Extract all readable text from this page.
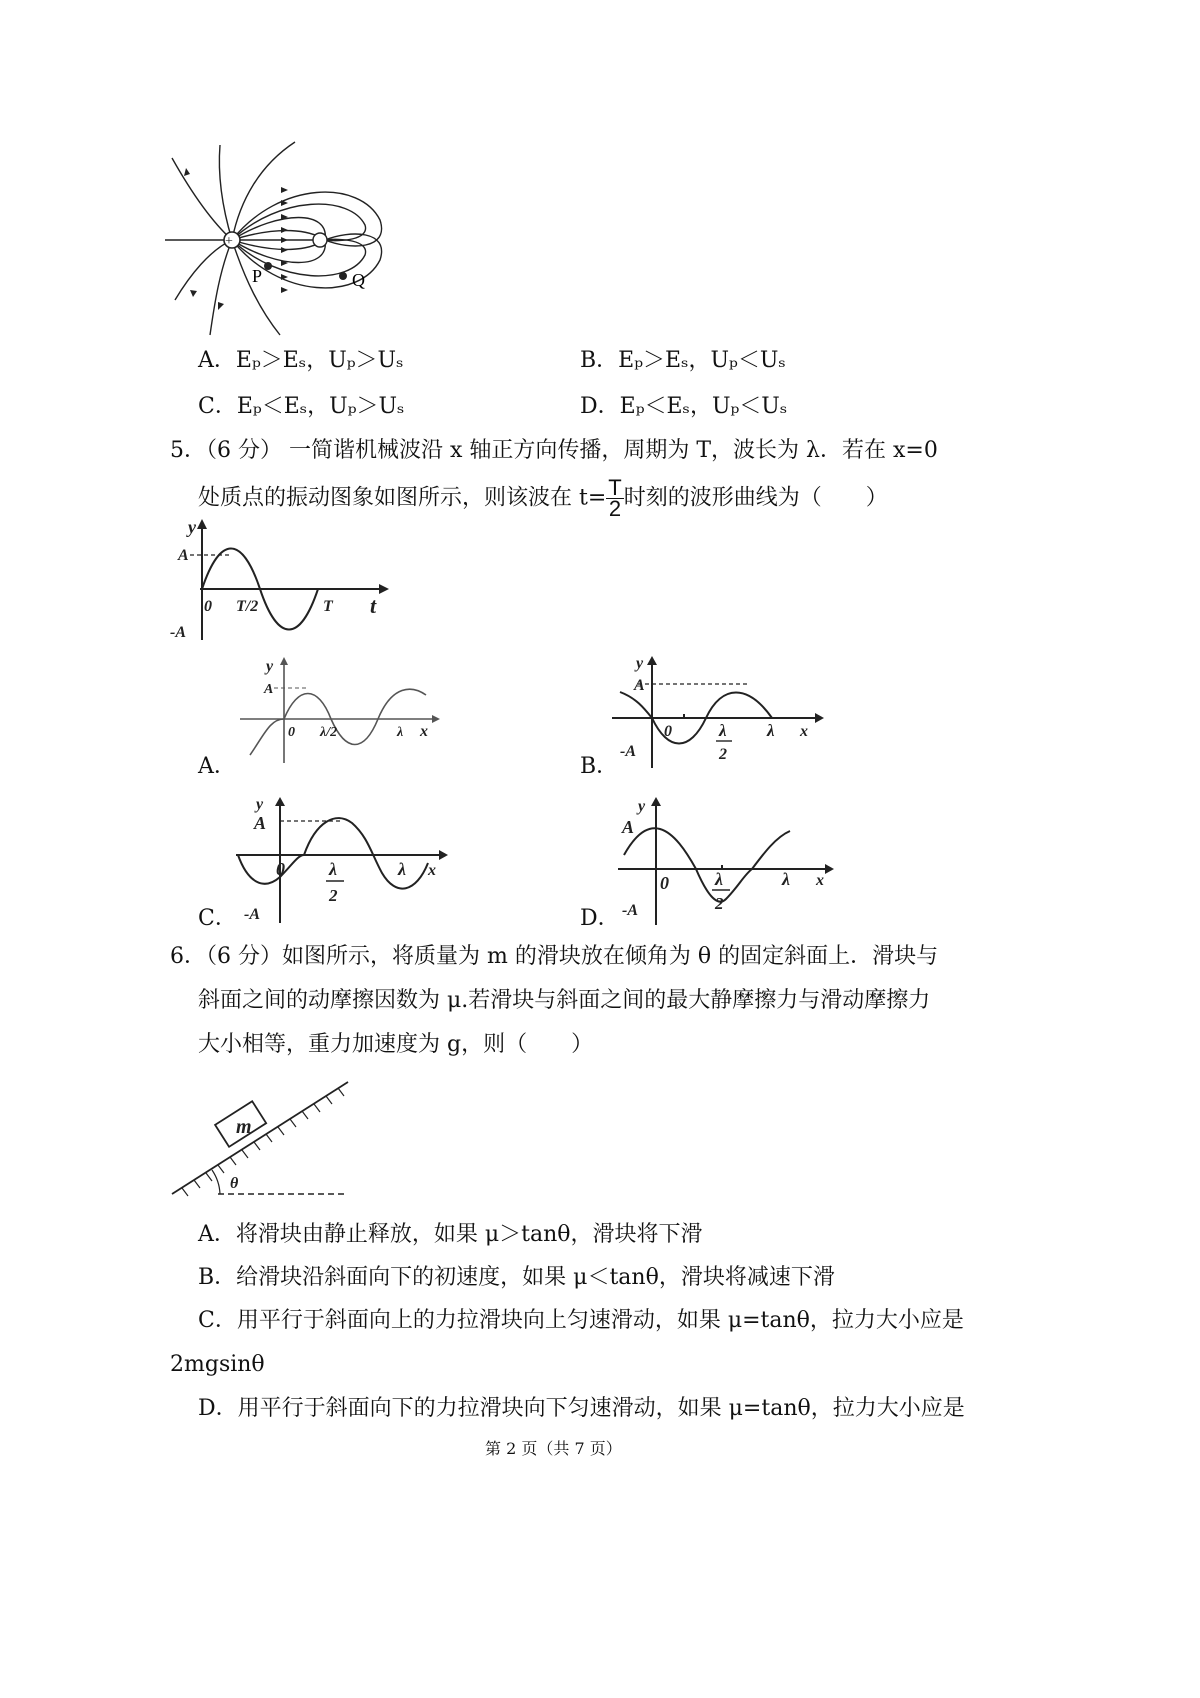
+
P	Q
A．Eₚ＞Eₛ，Uₚ＞Uₛ	B．Eₚ＞Eₛ，Uₚ＜Uₛ
C．Eₚ＜Eₛ，Uₚ＞Uₛ	D．Eₚ＜Eₛ，Uₚ＜Uₛ
5．（6 分） 一简谐机械波沿 x 轴正方向传播，周期为 T，波长为 λ．若在 x=0
处质点的振动图象如图所示，则该波在 $t= \frac{T}{2}$ 时刻的波形曲线为（　　）
y
A
-A
0 T/2	T t
A．	B．
C．	D．
y
A
0 λ/2	λ x
y
A
-A
0	λ
2
λ x
y
A
-A
0 λ
2
λ x
y
A
-A
0	λ
2
λ x
6．（6 分）如图所示，将质量为 m 的滑块放在倾角为 θ 的固定斜面上．滑块与
斜面之间的动摩擦因数为 μ.若滑块与斜面之间的最大静摩擦力与滑动摩擦力
大小相等，重力加速度为 g，则（　　）
m
θ
A．将滑块由静止释放，如果 μ＞tanθ，滑块将下滑
B．给滑块沿斜面向下的初速度，如果 μ＜tanθ，滑块将减速下滑
C．用平行于斜面向上的力拉滑块向上匀速滑动，如果 μ=tanθ，拉力大小应是
2mgsinθ
D．用平行于斜面向下的力拉滑块向下匀速滑动，如果 μ=tanθ，拉力大小应是
第 2 页（共 7 页）
